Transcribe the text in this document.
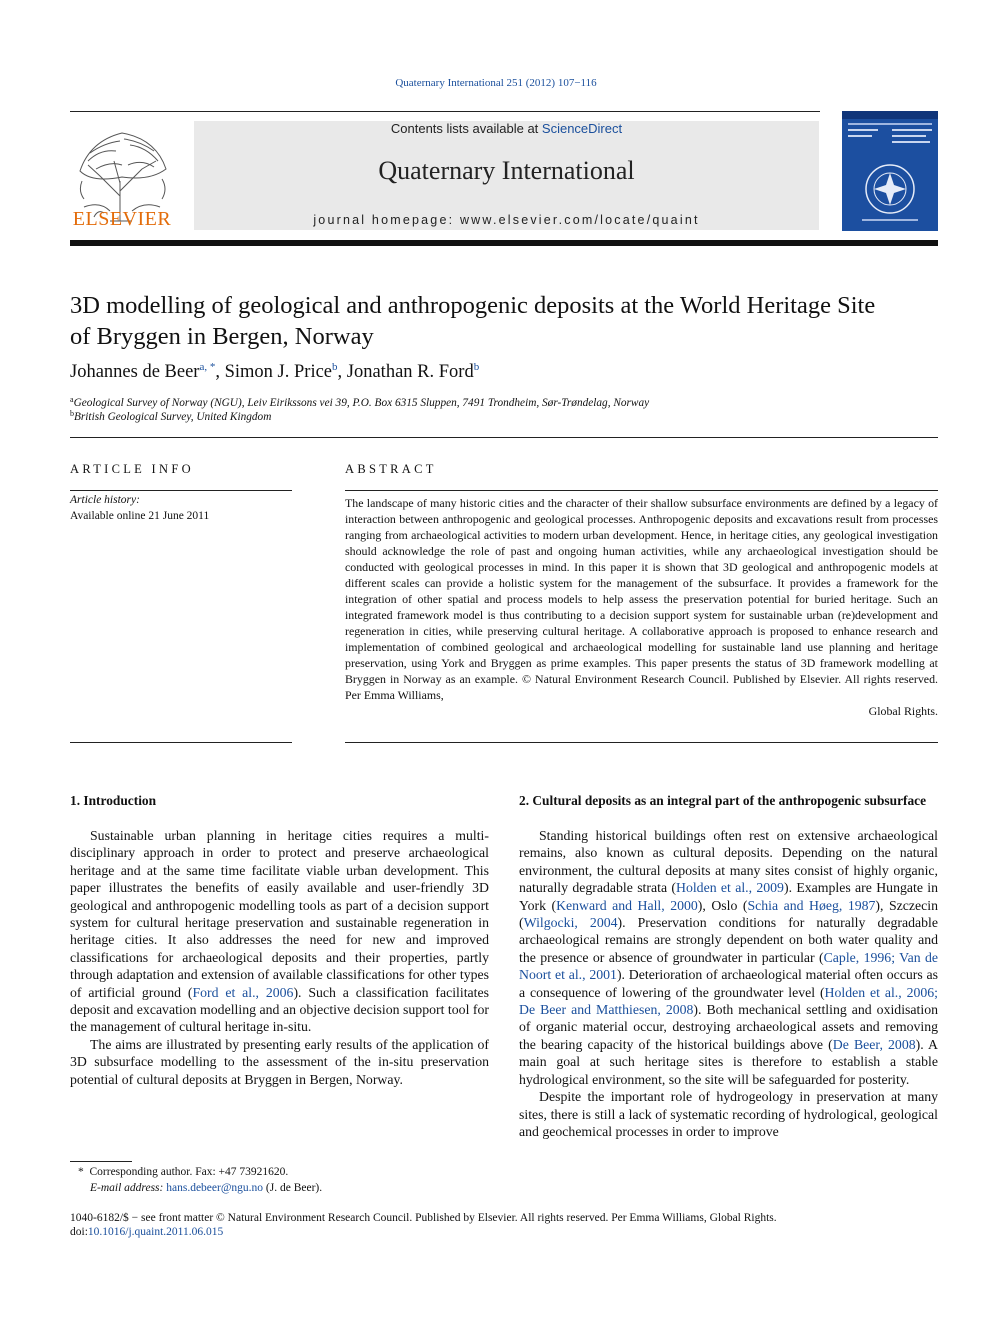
Quaternary International 251 (2012) 107−116
ELSEVIER
Contents lists available at ScienceDirect
Quaternary International
journal homepage: www.elsevier.com/locate/quaint
3D modelling of geological and anthropogenic deposits at the World Heritage Site
of Bryggen in Bergen, Norway
Johannes de Beer$^{a, *}$, Simon J. Price$^b$, Jonathan R. Ford$^b$
$^a$Geological Survey of Norway (NGU), Leiv Eirikssons vei 39, P.O. Box 6315 Sluppen, 7491 Trondheim, Sør-Trøndelag, Norway
$^b$British Geological Survey, United Kingdom
ARTICLE INFO
Article history:
Available online 21 June 2011
ABSTRACT
The landscape of many historic cities and the character of their shallow subsurface environments are defined by a legacy of interaction between anthropogenic and geological processes. Anthropogenic deposits and excavations result from processes ranging from archaeological activities to modern urban development. Hence, in heritage cities, any geological investigation should acknowledge the role of past and ongoing human activities, while any archaeological investigation should be conducted with geological processes in mind. In this paper it is shown that 3D geological and anthropogenic models at different scales can provide a holistic system for the management of the subsurface. It provides a framework for the integration of other spatial and process models to help assess the preservation potential for buried heritage. Such an integrated framework model is thus contributing to a decision support system for sustainable urban (re)development and regeneration in cities, while preserving cultural heritage. A collaborative approach is proposed to enhance research and implementation of combined geological and archaeological modelling for sustainable land use planning and heritage preservation, using York and Bryggen as prime examples. This paper presents the status of 3D framework modelling at Bryggen in Norway as an example. © Natural Environment Research Council. Published by Elsevier. All rights reserved. Per Emma Williams,
Global Rights.
1. Introduction

Sustainable urban planning in heritage cities requires a multi-disciplinary approach in order to protect and preserve archaeological heritage and at the same time facilitate viable urban development. This paper illustrates the benefits of easily available and user-friendly 3D geological and anthropogenic modelling tools as part of a decision support system for cultural heritage preservation and sustainable regeneration in heritage cities. It also addresses the need for new and improved classifications for archaeological deposits and their properties, partly through adaptation and extension of available classifications for other types of artificial ground (Ford et al., 2006). Such a classification facilitates deposit and excavation modelling and an objective decision support tool for the management of cultural heritage in-situ.

The aims are illustrated by presenting early results of the application of 3D subsurface modelling to the assessment of the in-situ preservation potential of cultural deposits at Bryggen in Bergen, Norway.

2. Cultural deposits as an integral part of the anthropogenic subsurface

Standing historical buildings often rest on extensive archaeological remains, also known as cultural deposits. Depending on the natural environment, the cultural deposits at many sites consist of highly organic, naturally degradable strata (Holden et al., 2009). Examples are Hungate in York (Kenward and Hall, 2000), Oslo (Schia and Høeg, 1987), Szczecin (Wilgocki, 2004). Preservation conditions for naturally degradable archaeological remains are strongly dependent on both water quality and the presence or absence of groundwater in particular (Caple, 1996; Van de Noort et al., 2001). Deterioration of archaeological material often occurs as a consequence of lowering of the groundwater level (Holden et al., 2006; De Beer and Matthiesen, 2008). Both mechanical settling and oxidisation of organic material occur, destroying archaeological assets and removing the bearing capacity of the historical buildings above (De Beer, 2008). A main goal at such heritage sites is therefore to establish a stable hydrological environment, so the site will be safeguarded for posterity.

Despite the important role of hydrogeology in preservation at many sites, there is still a lack of systematic recording of hydrological, geological and geochemical processes in order to improve

* Corresponding author. Fax: +47 73921620.
E-mail address: hans.debeer@ngu.no (J. de Beer).
1040-6182/$ − see front matter © Natural Environment Research Council. Published by Elsevier. All rights reserved. Per Emma Williams, Global Rights.
doi:10.1016/j.quaint.2011.06.015
